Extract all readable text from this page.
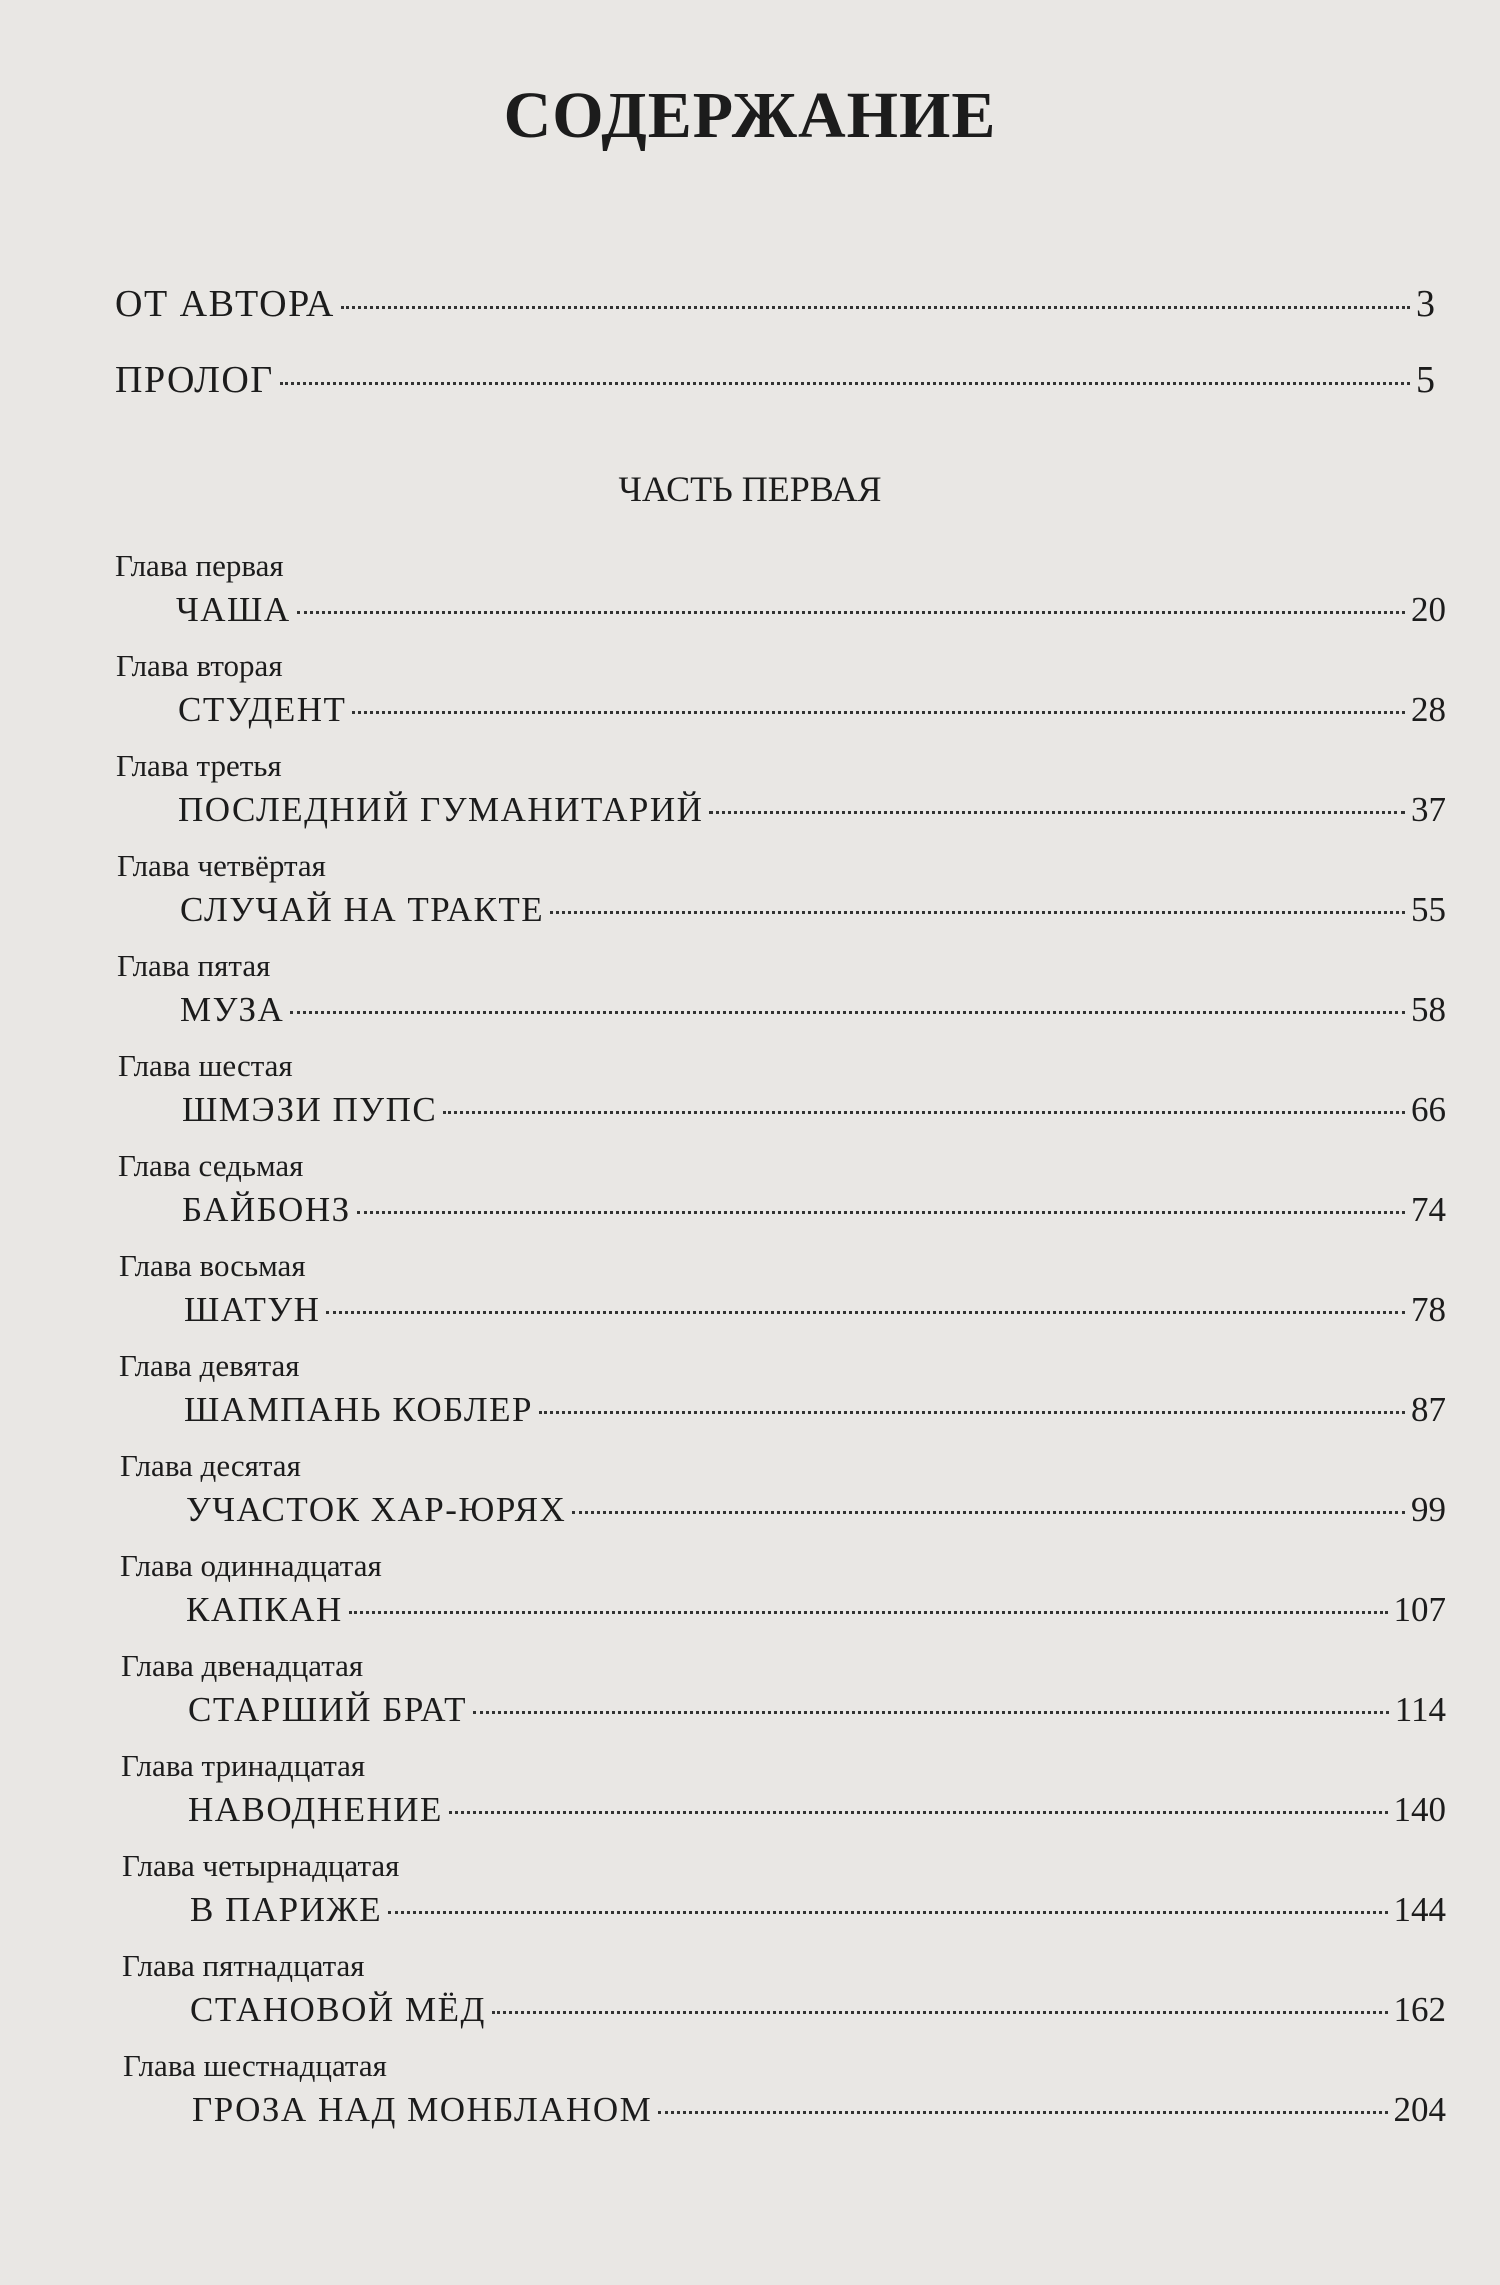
СОДЕРЖАНИЕ
ОТ АВТОРА	3
ПРОЛОГ	5
ЧАСТЬ ПЕРВАЯ
Глава первая
ЧАША	20
Глава вторая
СТУДЕНТ	28
Глава третья
ПОСЛЕДНИЙ ГУМАНИТАРИЙ	37
Глава четвёртая
СЛУЧАЙ НА ТРАКТЕ	55
Глава пятая
МУЗА	58
Глава шестая
ШМЭЗИ ПУПС	66
Глава седьмая
БАЙБОНЗ	74
Глава восьмая
ШАТУН	78
Глава девятая
ШАМПАНЬ КОБЛЕР	87
Глава десятая
УЧАСТОК ХАР-ЮРЯХ	99
Глава одиннадцатая
КАПКАН	107
Глава двенадцатая
СТАРШИЙ БРАТ	114
Глава тринадцатая
НАВОДНЕНИЕ	140
Глава четырнадцатая
В ПАРИЖЕ	144
Глава пятнадцатая
СТАНОВОЙ МЁД	162
Глава шестнадцатая
ГРОЗА НАД МОНБЛАНОМ	204
